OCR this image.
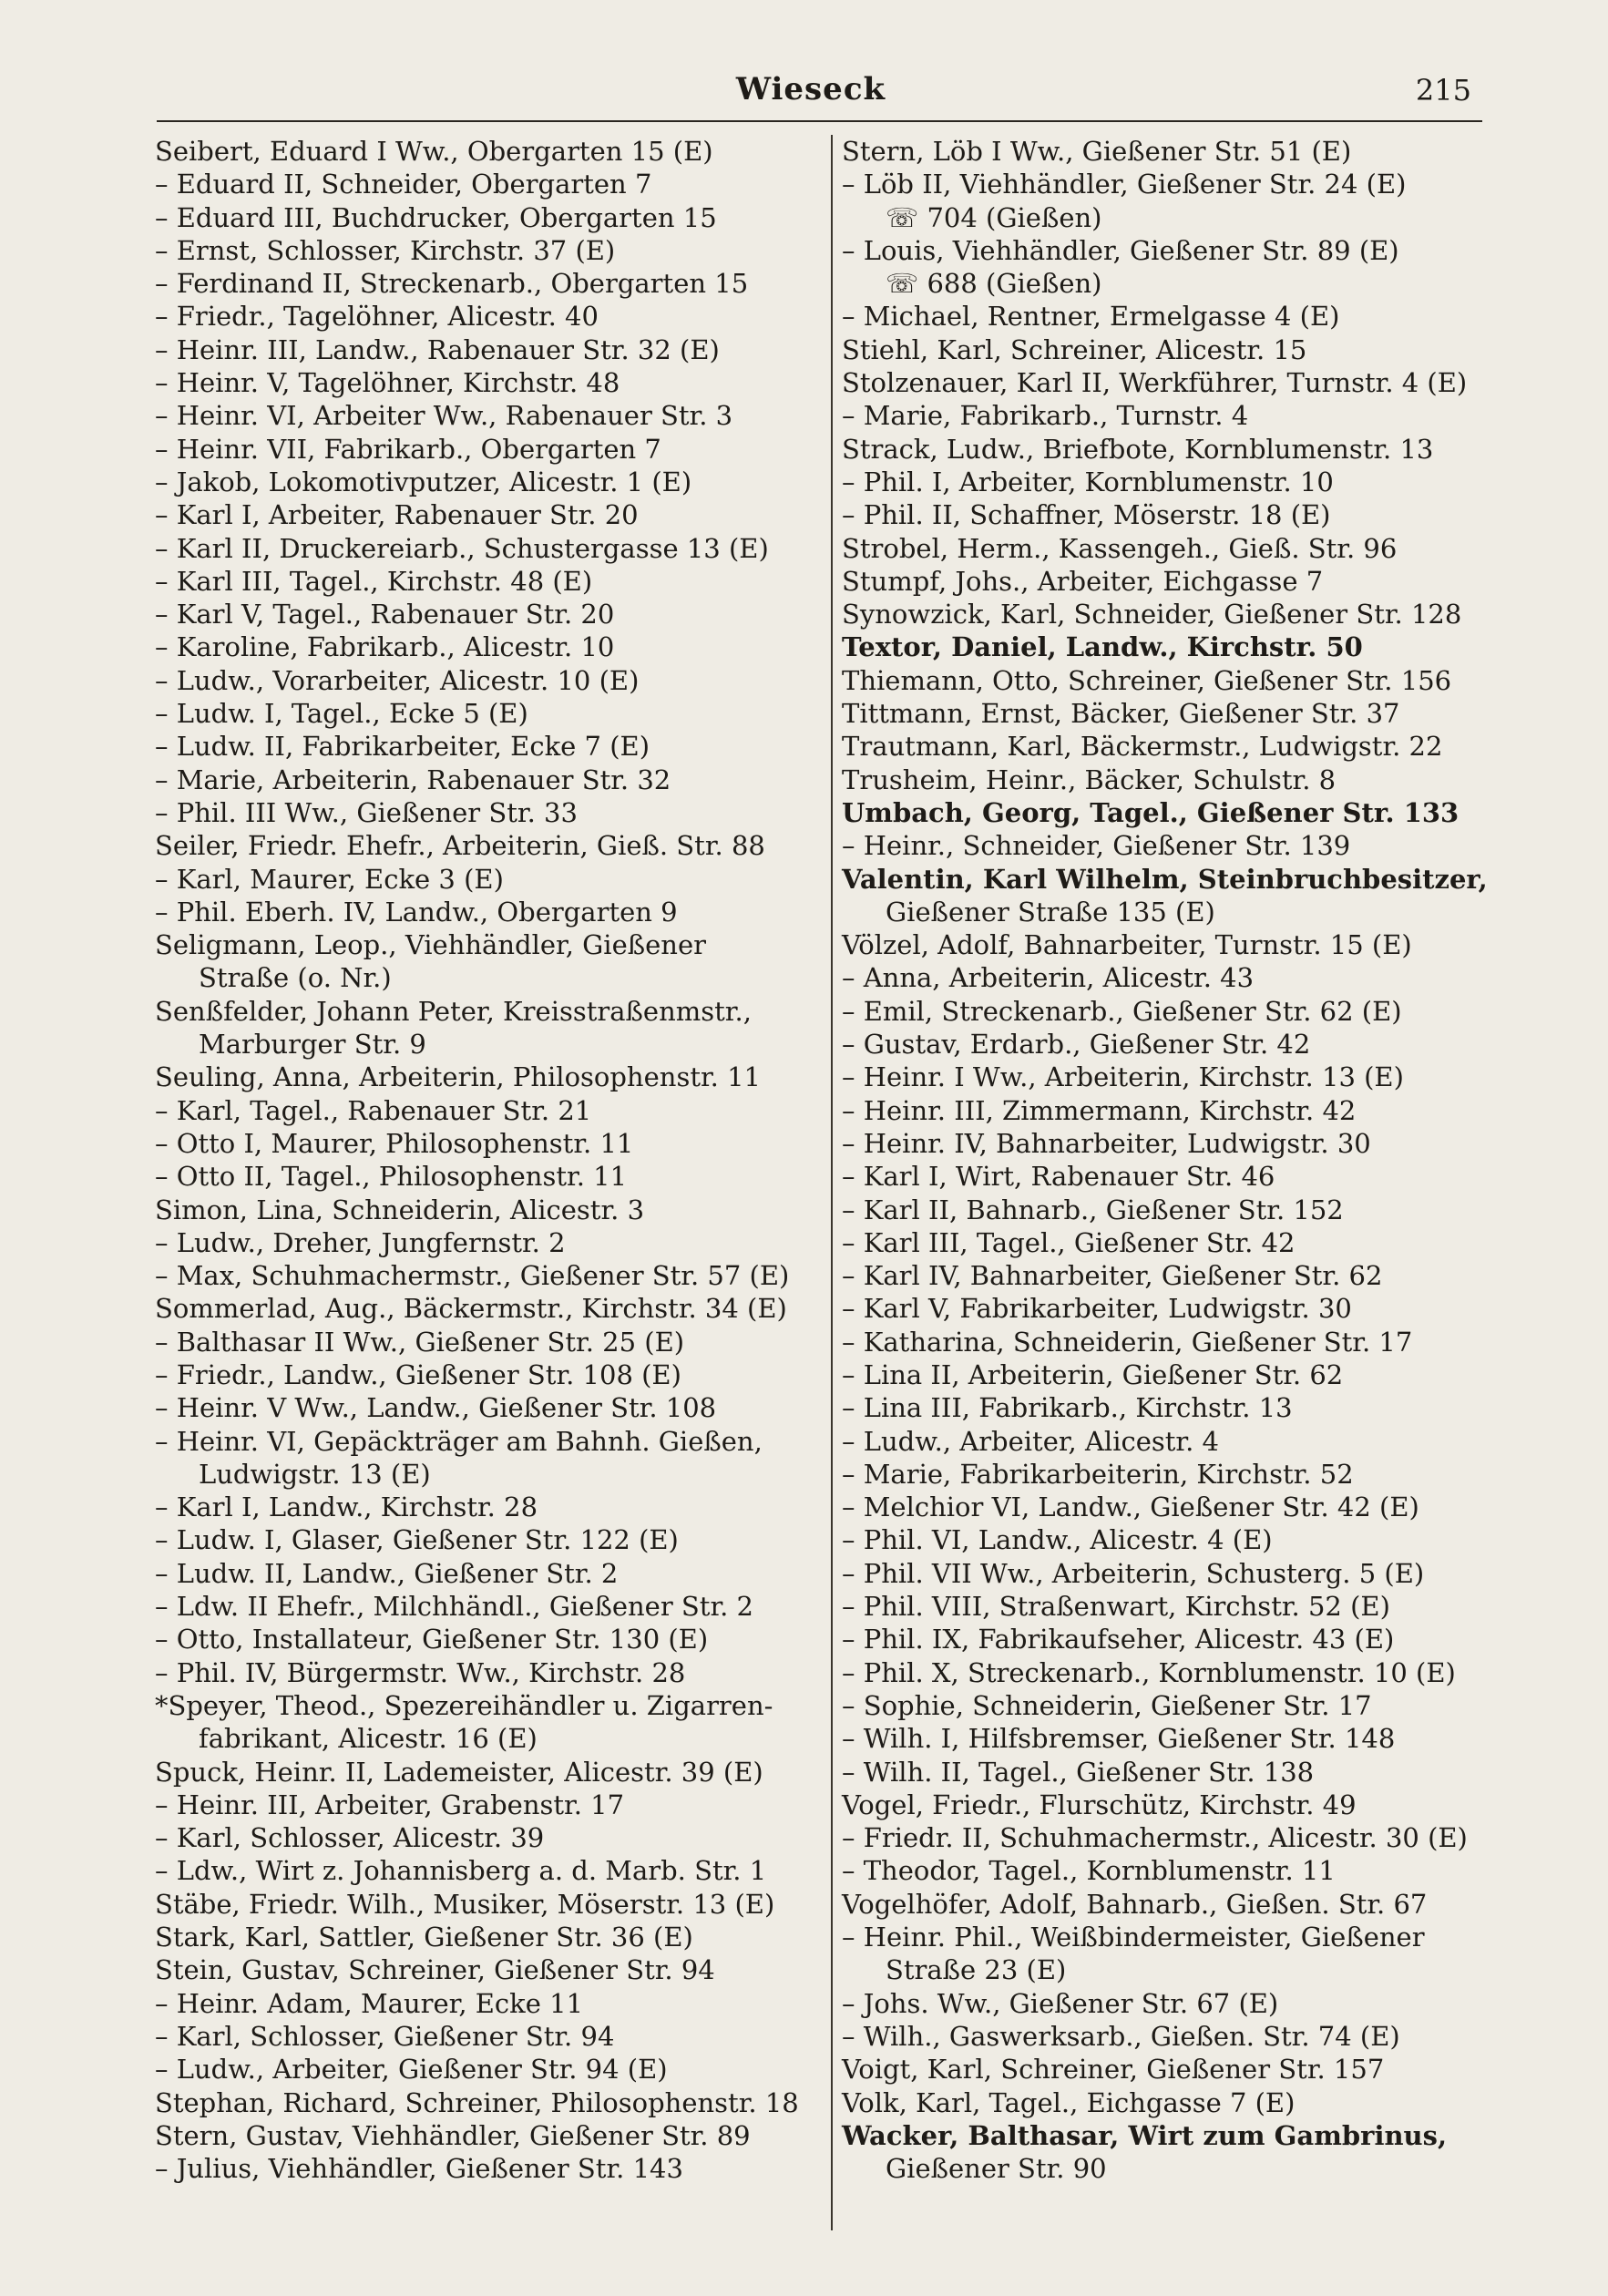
Wieseck	215
Seibert, Eduard I Ww., Obergarten 15 (E)
– Eduard II, Schneider, Obergarten 7
– Eduard III, Buchdrucker, Obergarten 15
– Ernst, Schlosser, Kirchstr. 37 (E)
– Ferdinand II, Streckenarb., Obergarten 15
– Friedr., Tagelöhner, Alicestr. 40
– Heinr. III, Landw., Rabenauer Str. 32 (E)
– Heinr. V, Tagelöhner, Kirchstr. 48
– Heinr. VI, Arbeiter Ww., Rabenauer Str. 3
– Heinr. VII, Fabrikarb., Obergarten 7
– Jakob, Lokomotivputzer, Alicestr. 1 (E)
– Karl I, Arbeiter, Rabenauer Str. 20
– Karl II, Druckereiarb., Schustergasse 13 (E)
– Karl III, Tagel., Kirchstr. 48 (E)
– Karl V, Tagel., Rabenauer Str. 20
– Karoline, Fabrikarb., Alicestr. 10
– Ludw., Vorarbeiter, Alicestr. 10 (E)
– Ludw. I, Tagel., Ecke 5 (E)
– Ludw. II, Fabrikarbeiter, Ecke 7 (E)
– Marie, Arbeiterin, Rabenauer Str. 32
– Phil. III Ww., Gießener Str. 33
Seiler, Friedr. Ehefr., Arbeiterin, Gieß. Str. 88
– Karl, Maurer, Ecke 3 (E)
– Phil. Eberh. IV, Landw., Obergarten 9
Seligmann, Leop., Viehhändler, Gießener
Straße (o. Nr.)
Senßfelder, Johann Peter, Kreisstraßenmstr.,
Marburger Str. 9
Seuling, Anna, Arbeiterin, Philosophenstr. 11
– Karl, Tagel., Rabenauer Str. 21
– Otto I, Maurer, Philosophenstr. 11
– Otto II, Tagel., Philosophenstr. 11
Simon, Lina, Schneiderin, Alicestr. 3
– Ludw., Dreher, Jungfernstr. 2
– Max, Schuhmachermstr., Gießener Str. 57 (E)
Sommerlad, Aug., Bäckermstr., Kirchstr. 34 (E)
– Balthasar II Ww., Gießener Str. 25 (E)
– Friedr., Landw., Gießener Str. 108 (E)
– Heinr. V Ww., Landw., Gießener Str. 108
– Heinr. VI, Gepäckträger am Bahnh. Gießen,
Ludwigstr. 13 (E)
– Karl I, Landw., Kirchstr. 28
– Ludw. I, Glaser, Gießener Str. 122 (E)
– Ludw. II, Landw., Gießener Str. 2
– Ldw. II Ehefr., Milchhändl., Gießener Str. 2
– Otto, Installateur, Gießener Str. 130 (E)
– Phil. IV, Bürgermstr. Ww., Kirchstr. 28
*Speyer, Theod., Spezereihändler u. Zigarren-
fabrikant, Alicestr. 16 (E)
Spuck, Heinr. II, Lademeister, Alicestr. 39 (E)
– Heinr. III, Arbeiter, Grabenstr. 17
– Karl, Schlosser, Alicestr. 39
– Ldw., Wirt z. Johannisberg a. d. Marb. Str. 1
Stäbe, Friedr. Wilh., Musiker, Möserstr. 13 (E)
Stark, Karl, Sattler, Gießener Str. 36 (E)
Stein, Gustav, Schreiner, Gießener Str. 94
– Heinr. Adam, Maurer, Ecke 11
– Karl, Schlosser, Gießener Str. 94
– Ludw., Arbeiter, Gießener Str. 94 (E)
Stephan, Richard, Schreiner, Philosophenstr. 18
Stern, Gustav, Viehhändler, Gießener Str. 89
– Julius, Viehhändler, Gießener Str. 143
Stern, Löb I Ww., Gießener Str. 51 (E)
– Löb II, Viehhändler, Gießener Str. 24 (E)
☏ 704 (Gießen)
– Louis, Viehhändler, Gießener Str. 89 (E)
☏ 688 (Gießen)
– Michael, Rentner, Ermelgasse 4 (E)
Stiehl, Karl, Schreiner, Alicestr. 15
Stolzenauer, Karl II, Werkführer, Turnstr. 4 (E)
– Marie, Fabrikarb., Turnstr. 4
Strack, Ludw., Briefbote, Kornblumenstr. 13
– Phil. I, Arbeiter, Kornblumenstr. 10
– Phil. II, Schaffner, Möserstr. 18 (E)
Strobel, Herm., Kassengeh., Gieß. Str. 96
Stumpf, Johs., Arbeiter, Eichgasse 7
Synowzick, Karl, Schneider, Gießener Str. 128
Textor, Daniel, Landw., Kirchstr. 50
Thiemann, Otto, Schreiner, Gießener Str. 156
Tittmann, Ernst, Bäcker, Gießener Str. 37
Trautmann, Karl, Bäckermstr., Ludwigstr. 22
Trusheim, Heinr., Bäcker, Schulstr. 8
Umbach, Georg, Tagel., Gießener Str. 133
– Heinr., Schneider, Gießener Str. 139
Valentin, Karl Wilhelm, Steinbruchbesitzer,
Gießener Straße 135 (E)
Völzel, Adolf, Bahnarbeiter, Turnstr. 15 (E)
– Anna, Arbeiterin, Alicestr. 43
– Emil, Streckenarb., Gießener Str. 62 (E)
– Gustav, Erdarb., Gießener Str. 42
– Heinr. I Ww., Arbeiterin, Kirchstr. 13 (E)
– Heinr. III, Zimmermann, Kirchstr. 42
– Heinr. IV, Bahnarbeiter, Ludwigstr. 30
– Karl I, Wirt, Rabenauer Str. 46
– Karl II, Bahnarb., Gießener Str. 152
– Karl III, Tagel., Gießener Str. 42
– Karl IV, Bahnarbeiter, Gießener Str. 62
– Karl V, Fabrikarbeiter, Ludwigstr. 30
– Katharina, Schneiderin, Gießener Str. 17
– Lina II, Arbeiterin, Gießener Str. 62
– Lina III, Fabrikarb., Kirchstr. 13
– Ludw., Arbeiter, Alicestr. 4
– Marie, Fabrikarbeiterin, Kirchstr. 52
– Melchior VI, Landw., Gießener Str. 42 (E)
– Phil. VI, Landw., Alicestr. 4 (E)
– Phil. VII Ww., Arbeiterin, Schusterg. 5 (E)
– Phil. VIII, Straßenwart, Kirchstr. 52 (E)
– Phil. IX, Fabrikaufseher, Alicestr. 43 (E)
– Phil. X, Streckenarb., Kornblumenstr. 10 (E)
– Sophie, Schneiderin, Gießener Str. 17
– Wilh. I, Hilfsbremser, Gießener Str. 148
– Wilh. II, Tagel., Gießener Str. 138
Vogel, Friedr., Flurschütz, Kirchstr. 49
– Friedr. II, Schuhmachermstr., Alicestr. 30 (E)
– Theodor, Tagel., Kornblumenstr. 11
Vogelhöfer, Adolf, Bahnarb., Gießen. Str. 67
– Heinr. Phil., Weißbindermeister, Gießener
Straße 23 (E)
– Johs. Ww., Gießener Str. 67 (E)
– Wilh., Gaswerksarb., Gießen. Str. 74 (E)
Voigt, Karl, Schreiner, Gießener Str. 157
Volk, Karl, Tagel., Eichgasse 7 (E)
Wacker, Balthasar, Wirt zum Gambrinus,
Gießener Str. 90
